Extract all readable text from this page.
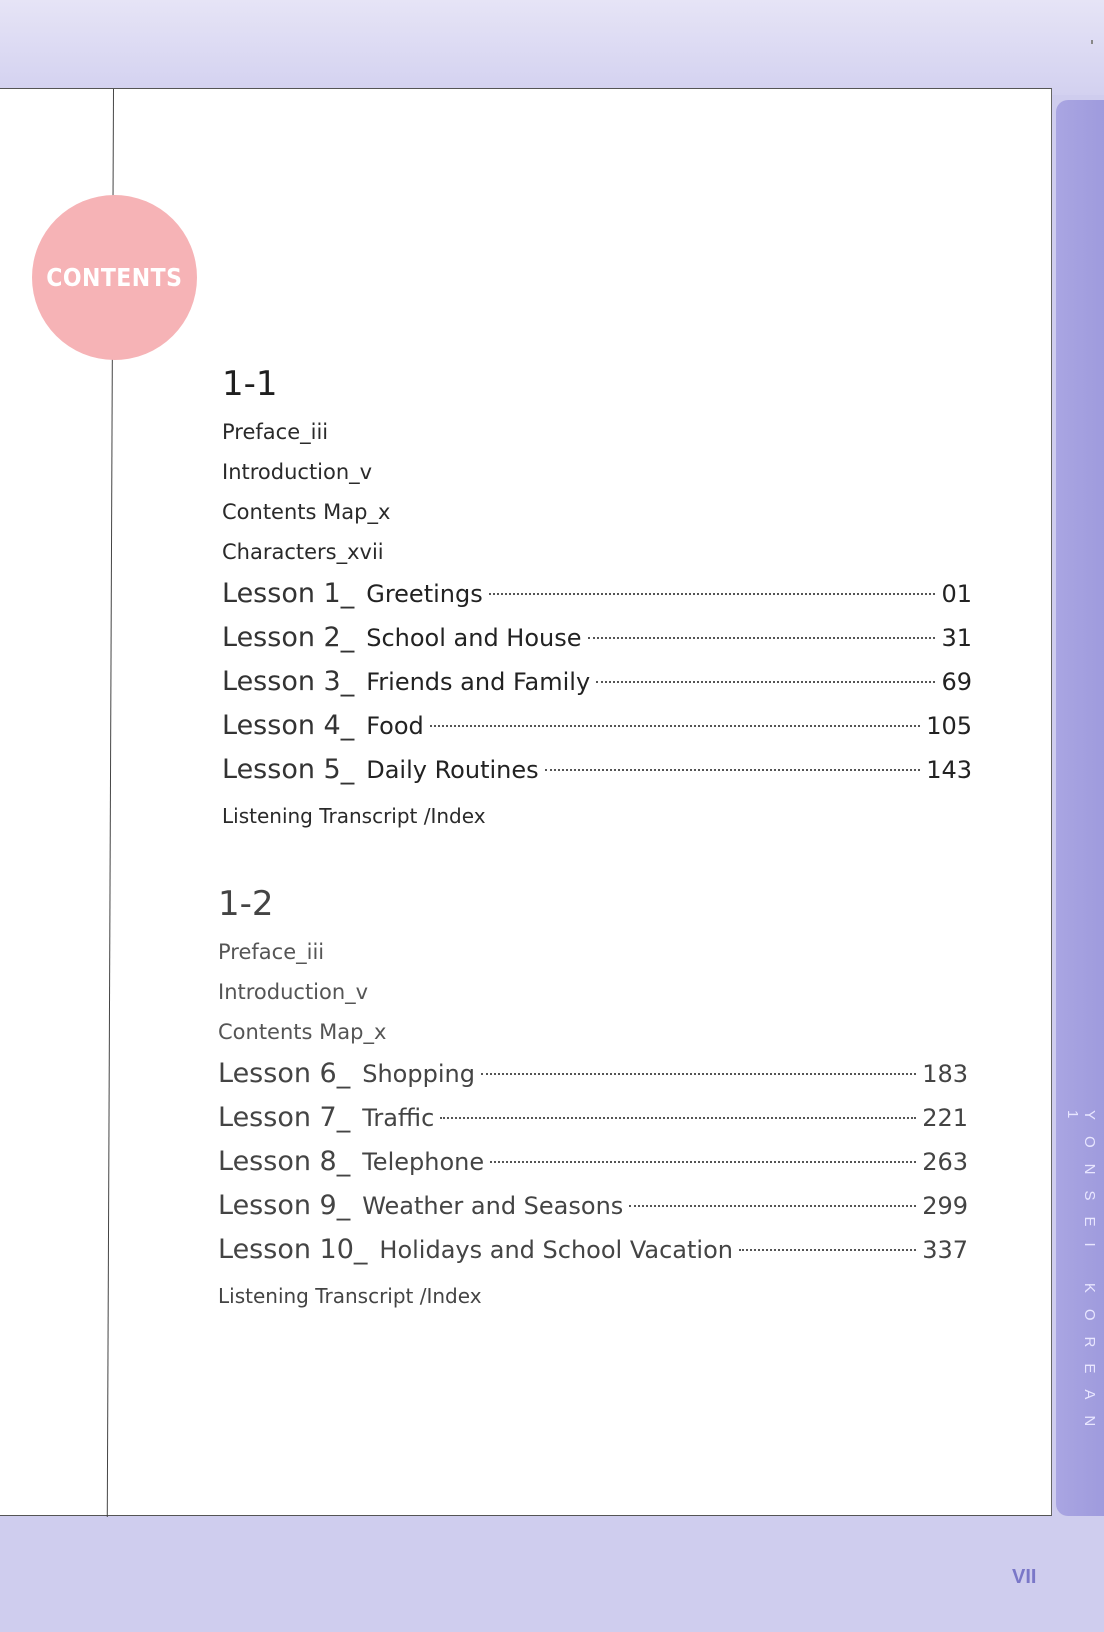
YONSEI KOREAN 1
CONTENTS
1-1
Preface_iii
Introduction_v
Contents Map_x
Characters_xvii
Lesson 1_ Greetings	01
Lesson 2_ School and House	31
Lesson 3_ Friends and Family	69
Lesson 4_ Food	105
Lesson 5_ Daily Routines	143
Listening Transcript /Index
1-2
Preface_iii
Introduction_v
Contents Map_x
Lesson 6_ Shopping	183
Lesson 7_ Traffic	221
Lesson 8_ Telephone	263
Lesson 9_ Weather and Seasons	299
Lesson 10_ Holidays and School Vacation	337
Listening Transcript /Index
VII
